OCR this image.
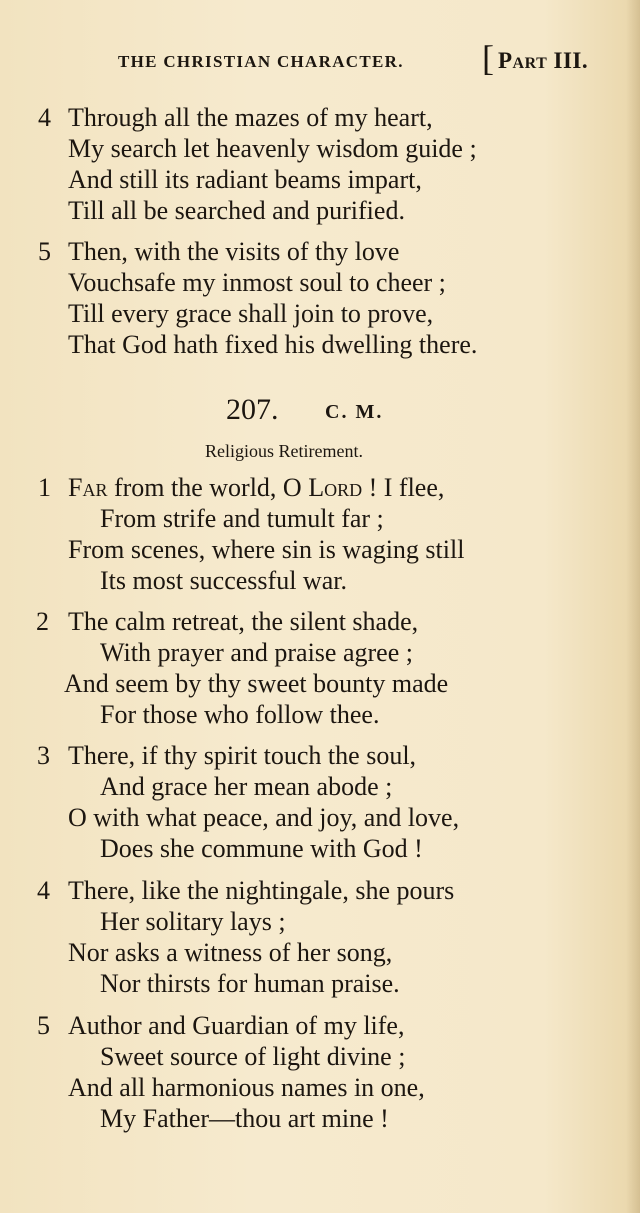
THE CHRISTIAN CHARACTER. [ Part III.
4 Through all the mazes of my heart,
My search let heavenly wisdom guide ;
And still its radiant beams impart,
Till all be searched and purified.
5 Then, with the visits of thy love
Vouchsafe my inmost soul to cheer ;
Till every grace shall join to prove,
That God hath fixed his dwelling there.
207. C. M.
Religious Retirement.
1 Far from the world, O Lord ! I flee,
From strife and tumult far ;
From scenes, where sin is waging still
Its most successful war.
2 The calm retreat, the silent shade,
With prayer and praise agree ;
And seem by thy sweet bounty made
For those who follow thee.
3 There, if thy spirit touch the soul,
And grace her mean abode ;
O with what peace, and joy, and love,
Does she commune with God !
4 There, like the nightingale, she pours
Her solitary lays ;
Nor asks a witness of her song,
Nor thirsts for human praise.
5 Author and Guardian of my life,
Sweet source of light divine ;
And all harmonious names in one,
My Father—thou art mine !
